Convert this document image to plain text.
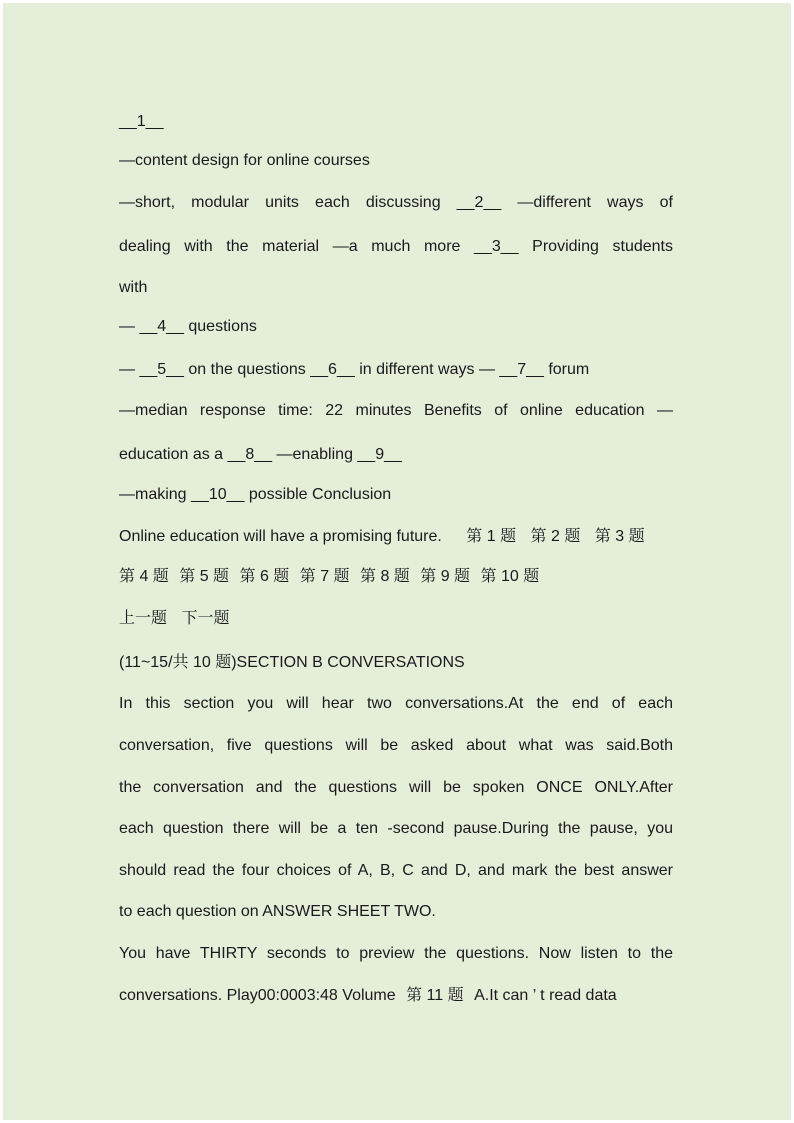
__1__
—content design for online courses
—short, modular units each discussing __2__ —different ways of
dealing with the material —a much more __3__ Providing students
with
— __4__ questions
— __5__ on the questions __6__ in different ways — __7__ forum
—median response time: 22 minutes Benefits of online education —
education as a __8__ —enabling __9__
—making __10__ possible Conclusion
Online education will have a promising future. 第 1 题 第 2 题 第 3 题
第 4 题 第 5 题 第 6 题 第 7 题 第 8 题 第 9 题 第 10 题
上一题 下一题
(11~15/共 10 题)SECTION B CONVERSATIONS
In this section you will hear two conversations.At the end of each
conversation, five questions will be asked about what was said.Both
the conversation and the questions will be spoken ONCE ONLY.After
each question there will be a ten -second pause.During the pause, you
should read the four choices of A, B, C and D, and mark the best answer
to each question on ANSWER SHEET TWO.
You have THIRTY seconds to preview the questions. Now listen to the
conversations. Play00:0003:48 Volume 第 11 题 A.It can ’ t read data
